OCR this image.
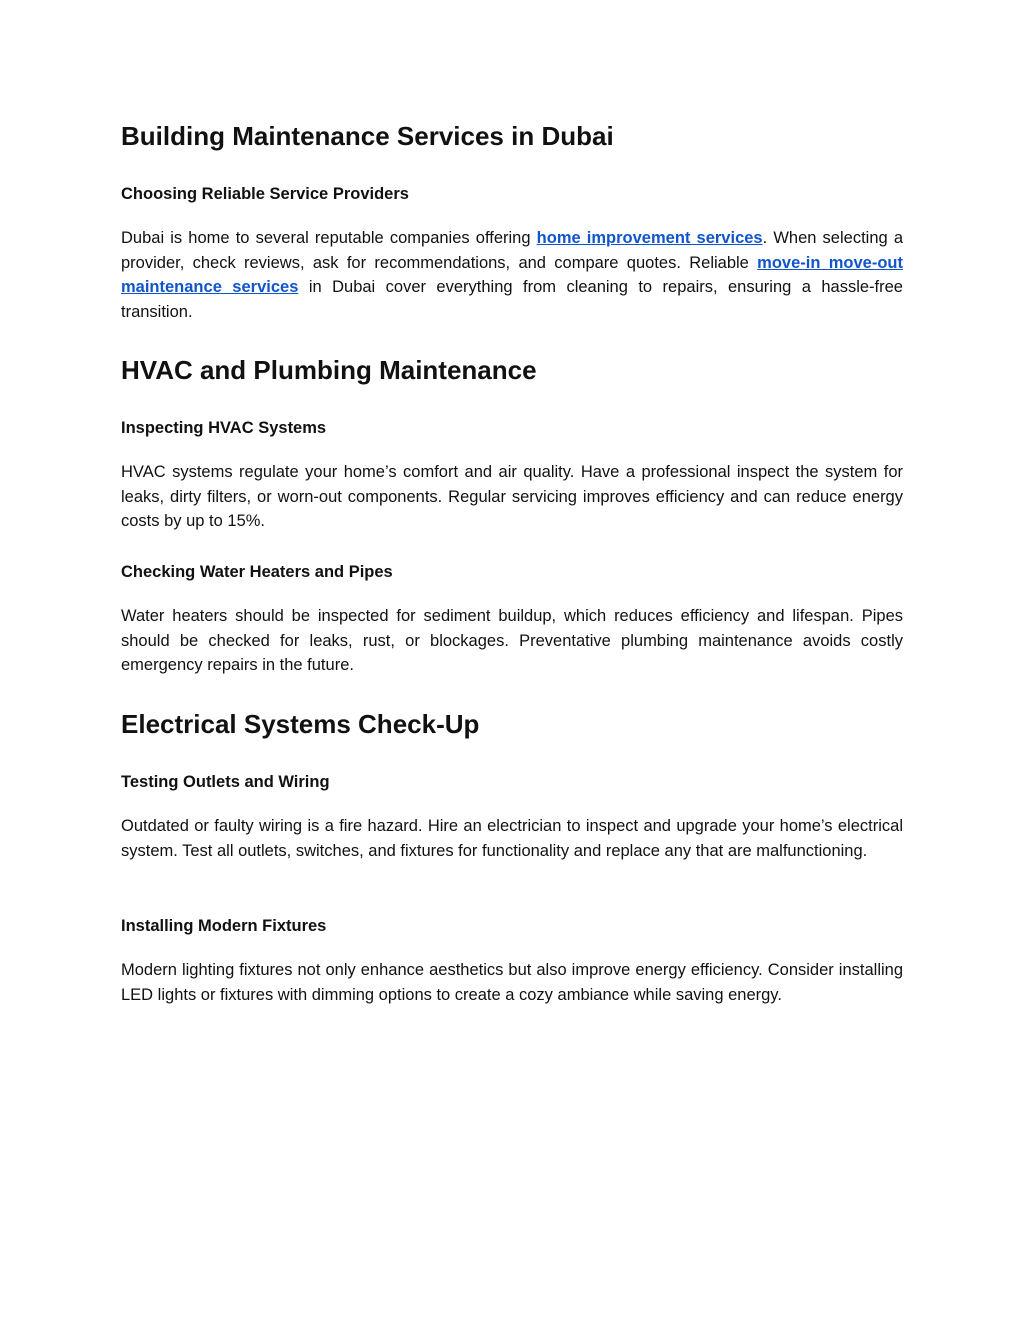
Building Maintenance Services in Dubai
Choosing Reliable Service Providers

Dubai is home to several reputable companies offering home improvement services. When selecting a provider, check reviews, ask for recommendations, and compare quotes. Reliable move-in move-out maintenance services in Dubai cover everything from cleaning to repairs, ensuring a hassle-free transition.

HVAC and Plumbing Maintenance
Inspecting HVAC Systems

HVAC systems regulate your home’s comfort and air quality. Have a professional inspect the system for leaks, dirty filters, or worn-out components. Regular servicing improves efficiency and can reduce energy costs by up to 15%.

Checking Water Heaters and Pipes

Water heaters should be inspected for sediment buildup, which reduces efficiency and lifespan. Pipes should be checked for leaks, rust, or blockages. Preventative plumbing maintenance avoids costly emergency repairs in the future.

Electrical Systems Check-Up
Testing Outlets and Wiring

Outdated or faulty wiring is a fire hazard. Hire an electrician to inspect and upgrade your home’s electrical system. Test all outlets, switches, and fixtures for functionality and replace any that are malfunctioning.

Installing Modern Fixtures

Modern lighting fixtures not only enhance aesthetics but also improve energy efficiency. Consider installing LED lights or fixtures with dimming options to create a cozy ambiance while saving energy.
